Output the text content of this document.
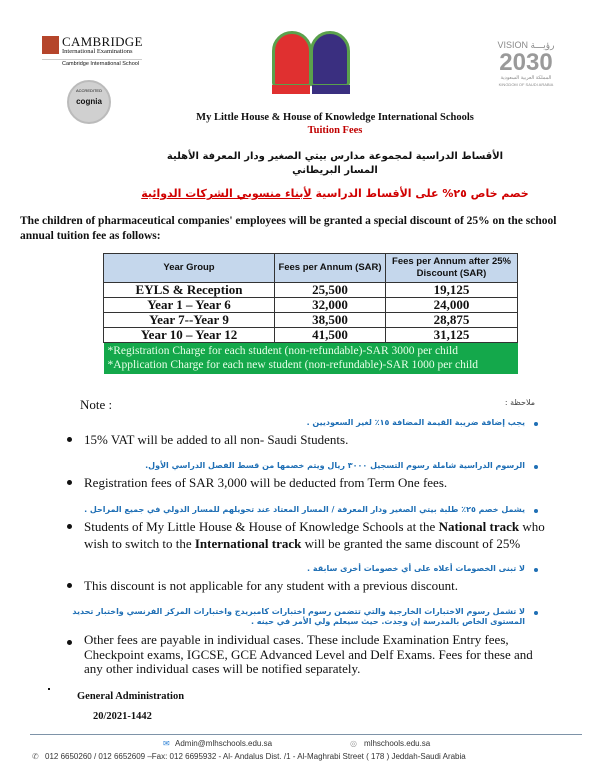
CAMBRIDGE
International Examinations
Cambridge International School
ACCREDITED
cognia
VISION رؤيـــة
2030
المملكة العربية السعودية
KINGDOM OF SAUDI ARABIA
My Little House & House of Knowledge International Schools
Tuition Fees
الأقساط الدراسية لمجموعة مدارس بيتي الصغير ودار المعرفة الأهلية
المسار البريطاني
خصم خاص ٢٥% على الأقساط الدراسية لأبناء منسوبي الشركات الدوائية
The children of pharmaceutical companies' employees will be granted a special discount of 25% on the school annual tuition fee as follows:
Year Group	Fees per Annum (SAR)	Fees per Annum after 25% Discount (SAR)
EYLS & Reception	25,500	19,125
Year 1 – Year 6	32,000	24,000
Year 7--Year 9	38,500	28,875
Year 10 – Year 12	41,500	31,125
*Registration Charge for each student (non-refundable)-SAR 3000 per child		
*Application Charge for each new student (non-refundable)-SAR 1000 per child		
Note :	ملاحظة :
يجب إضافة ضريبة القيمة المضافة ١٥٪ لغير السعوديين .
15% VAT will be added to all non- Saudi Students.
الرسوم الدراسية شاملة رسوم التسجيل ٣٠٠٠ ريال ويتم خصمها من قسط الفصل الدراسي الأول.
Registration fees of SAR 3,000 will be deducted from Term One fees.
يشمل خصم ٢٥٪ طلبة بيتي الصغير ودار المعرفة / المسار المعتاد عند تحويلهم للمسار الدولي في جميع المراحل .
Students of My Little House & House of Knowledge Schools at the National track who wish to switch to the International track will be granted the same discount of 25%
لا تبنى الخصومات أعلاه على أي خصومات أخرى سابقة .
This discount is not applicable for any student with a previous discount.
لا تشمل رسوم الاختبارات الخارجية والتي تتضمن رسوم اختبارات كامبريدج واختبارات المركز الفرنسي واختبار تحديد المستوى الخاص بالمدرسة إن وجدت. حيث سيعلم ولي الأمر في حينه .
Other fees are payable in individual cases. These include Examination Entry fees, Checkpoint exams, IGCSE, GCE Advanced Level and Delf Exams. Fees for these and any other individual cases will be notified separately.
General Administration
20/2021-1442
✉ Admin@mlhschools.edu.sa	◎ mlhschools.edu.sa
✆ 012 6650260 / 012 6652609 –Fax: 012 6695932 - Al- Andalus Dist. /1 - Al-Maghrabi Street ( 178 ) Jeddah-Saudi Arabia
